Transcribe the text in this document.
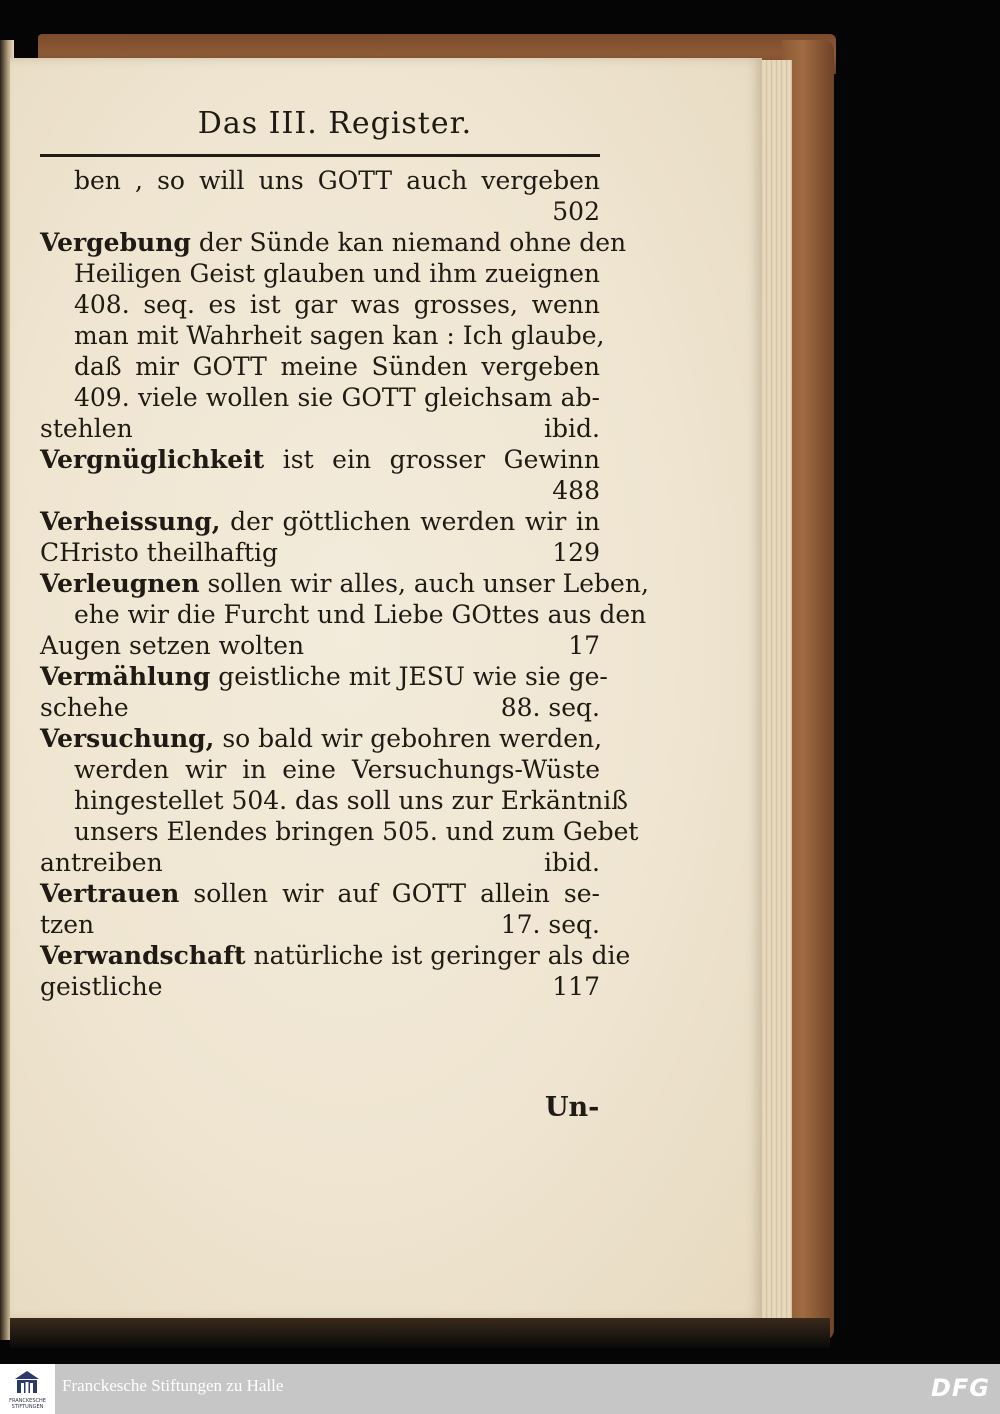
Das III. Register.
ben , so will uns GOTT auch vergeben
502
Vergebung der Sünde kan niemand ohne den
Heiligen Geist glauben und ihm zueignen
408. seq. es ist gar was grosses, wenn
man mit Wahrheit sagen kan : Ich glaube,
daß mir GOTT meine Sünden vergeben
409. viele wollen sie GOTT gleichsam ab-
stehlen	ibid.
Vergnüglichkeit ist ein grosser Gewinn
488
Verheissung, der göttlichen werden wir in
CHristo theilhaftig	129
Verleugnen sollen wir alles, auch unser Leben,
ehe wir die Furcht und Liebe GOttes aus den
Augen setzen wolten	17
Vermählung geistliche mit JESU wie sie ge-
schehe	88. seq.
Versuchung, so bald wir gebohren werden,
werden wir in eine Versuchungs-Wüste
hingestellet 504. das soll uns zur Erkäntniß
unsers Elendes bringen 505. und zum Gebet
antreiben	ibid.
Vertrauen sollen wir auf GOTT allein se-
tzen	17. seq.
Verwandschaft natürliche ist geringer als die
geistliche	117
Un-
FRANCKESCHE STIFTUNGEN
Franckesche Stiftungen zu Halle	DFG
